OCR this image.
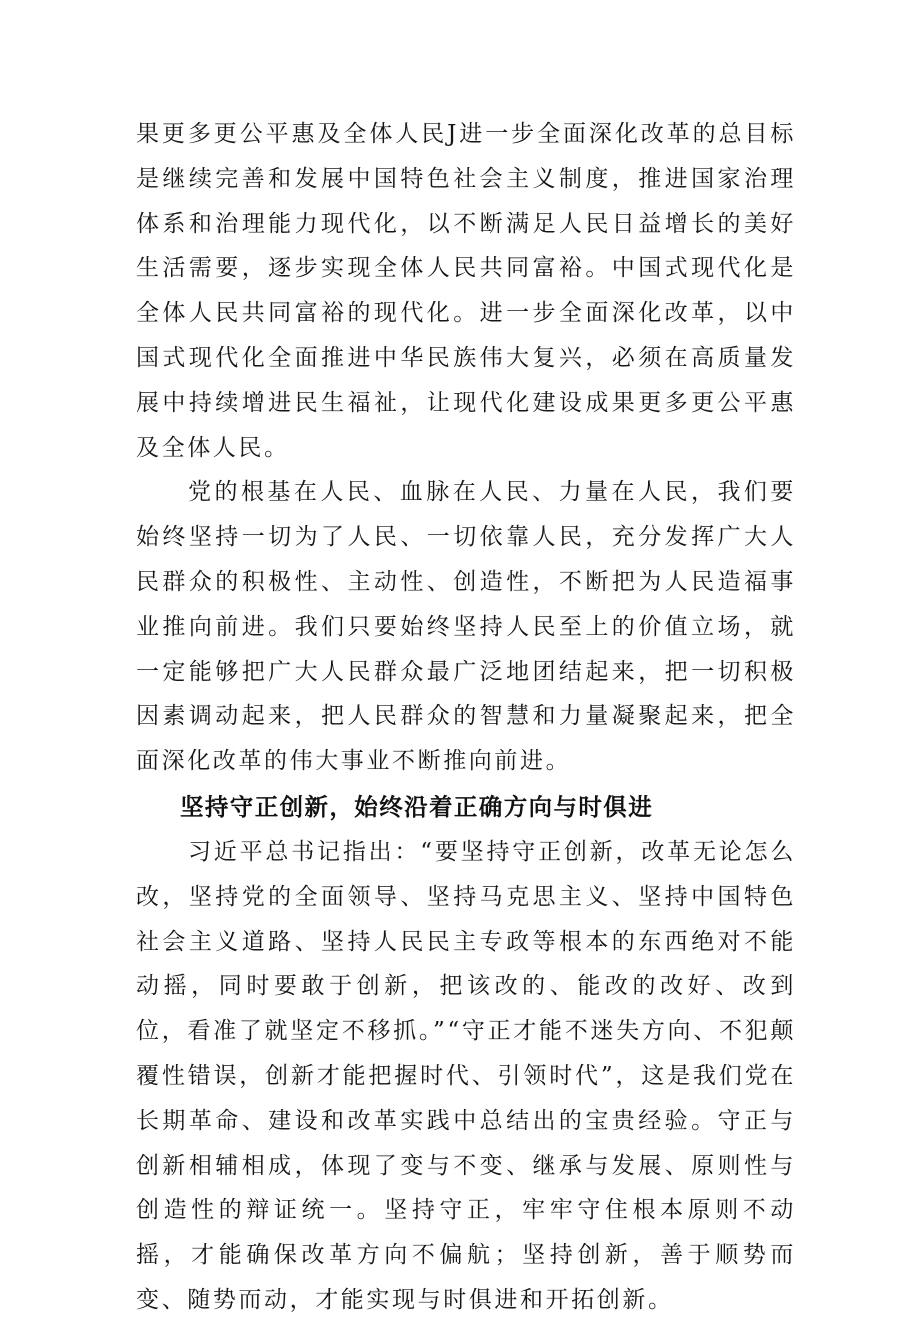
果更多更公平惠及全体人民J进一步全面深化改革的总目标是继续完善和发展中国特色社会主义制度，推进国家治理体系和治理能力现代化，以不断满足人民日益增长的美好生活需要，逐步实现全体人民共同富裕。中国式现代化是全体人民共同富裕的现代化。进一步全面深化改革，以中国式现代化全面推进中华民族伟大复兴，必须在高质量发展中持续增进民生福祉，让现代化建设成果更多更公平惠及全体人民。

党的根基在人民、血脉在人民、力量在人民，我们要始终坚持一切为了人民、一切依靠人民，充分发挥广大人民群众的积极性、主动性、创造性，不断把为人民造福事业推向前进。我们只要始终坚持人民至上的价值立场，就一定能够把广大人民群众最广泛地团结起来，把一切积极因素调动起来，把人民群众的智慧和力量凝聚起来，把全面深化改革的伟大事业不断推向前进。

坚持守正创新，始终沿着正确方向与时俱进

习近平总书记指出：“要坚持守正创新，改革无论怎么改，坚持党的全面领导、坚持马克思主义、坚持中国特色社会主义道路、坚持人民民主专政等根本的东西绝对不能动摇，同时要敢于创新，把该改的、能改的改好、改到位，看准了就坚定不移抓。”“守正才能不迷失方向、不犯颠覆性错误，创新才能把握时代、引领时代”，这是我们党在长期革命、建设和改革实践中总结出的宝贵经验。守正与创新相辅相成，体现了变与不变、继承与发展、原则性与创造性的辩证统一。坚持守正，牢牢守住根本原则不动摇，才能确保改革方向不偏航；坚持创新，善于顺势而变、随势而动，才能实现与时俱进和开拓创新。
